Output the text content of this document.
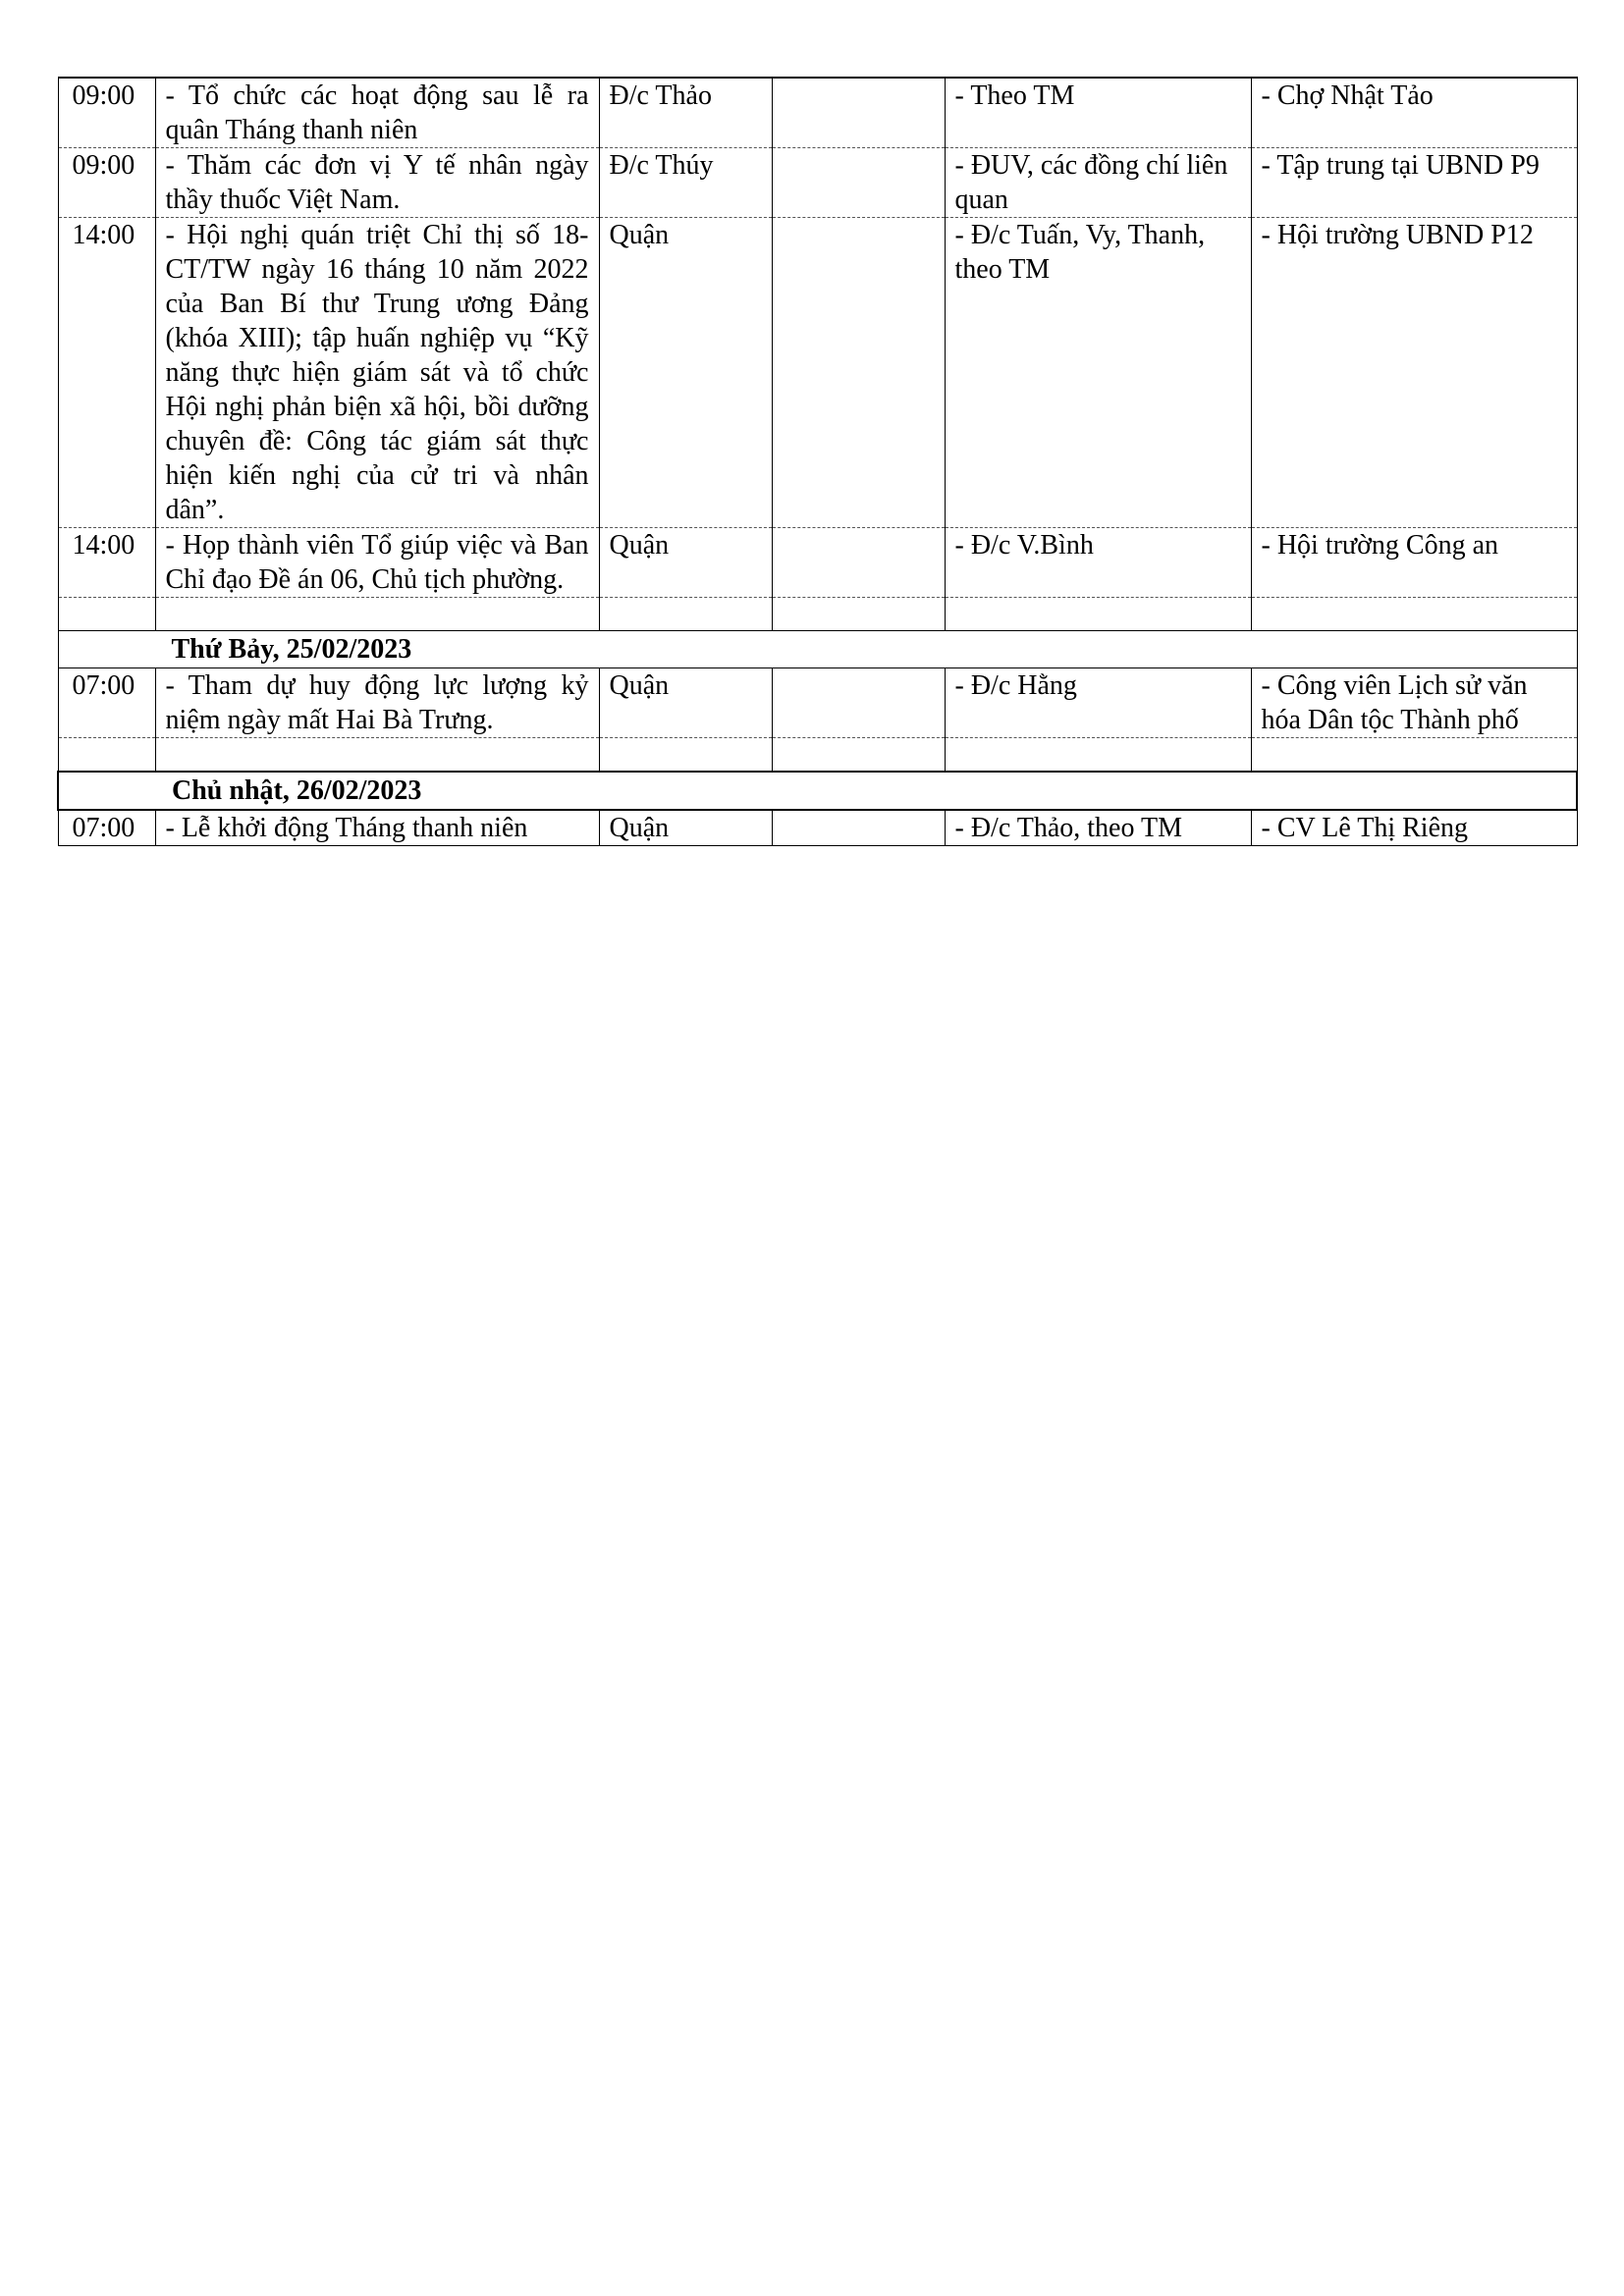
09:00	- Tổ chức các hoạt động sau lễ ra quân Tháng thanh niên	Đ/c Thảo		- Theo TM	- Chợ Nhật Tảo
09:00	- Thăm các đơn vị Y tế nhân ngày thầy thuốc Việt Nam.	Đ/c Thúy		- ĐUV, các đồng chí liên quan	- Tập trung tại UBND P9
14:00	- Hội nghị quán triệt Chỉ thị số 18-CT/TW ngày 16 tháng 10 năm 2022 của Ban Bí thư Trung ương Đảng (khóa XIII); tập huấn nghiệp vụ “Kỹ năng thực hiện giám sát và tổ chức Hội nghị phản biện xã hội, bồi dưỡng chuyên đề: Công tác giám sát thực hiện kiến nghị của cử tri và nhân dân”.	Quận		- Đ/c Tuấn, Vy, Thanh, theo TM	- Hội trường UBND P12
14:00	- Họp thành viên Tổ giúp việc và Ban Chỉ đạo Đề án 06, Chủ tịch phường.	Quận		- Đ/c V.Bình	- Hội trường Công an

Thứ Bảy, 25/02/2023					
07:00	- Tham dự huy động lực lượng kỷ niệm ngày mất Hai Bà Trưng.	Quận		- Đ/c Hằng	- Công viên Lịch sử văn hóa Dân tộc Thành phố

Chủ nhật, 26/02/2023					
07:00	- Lễ khởi động Tháng thanh niên	Quận		- Đ/c Thảo, theo TM	- CV Lê Thị Riêng
